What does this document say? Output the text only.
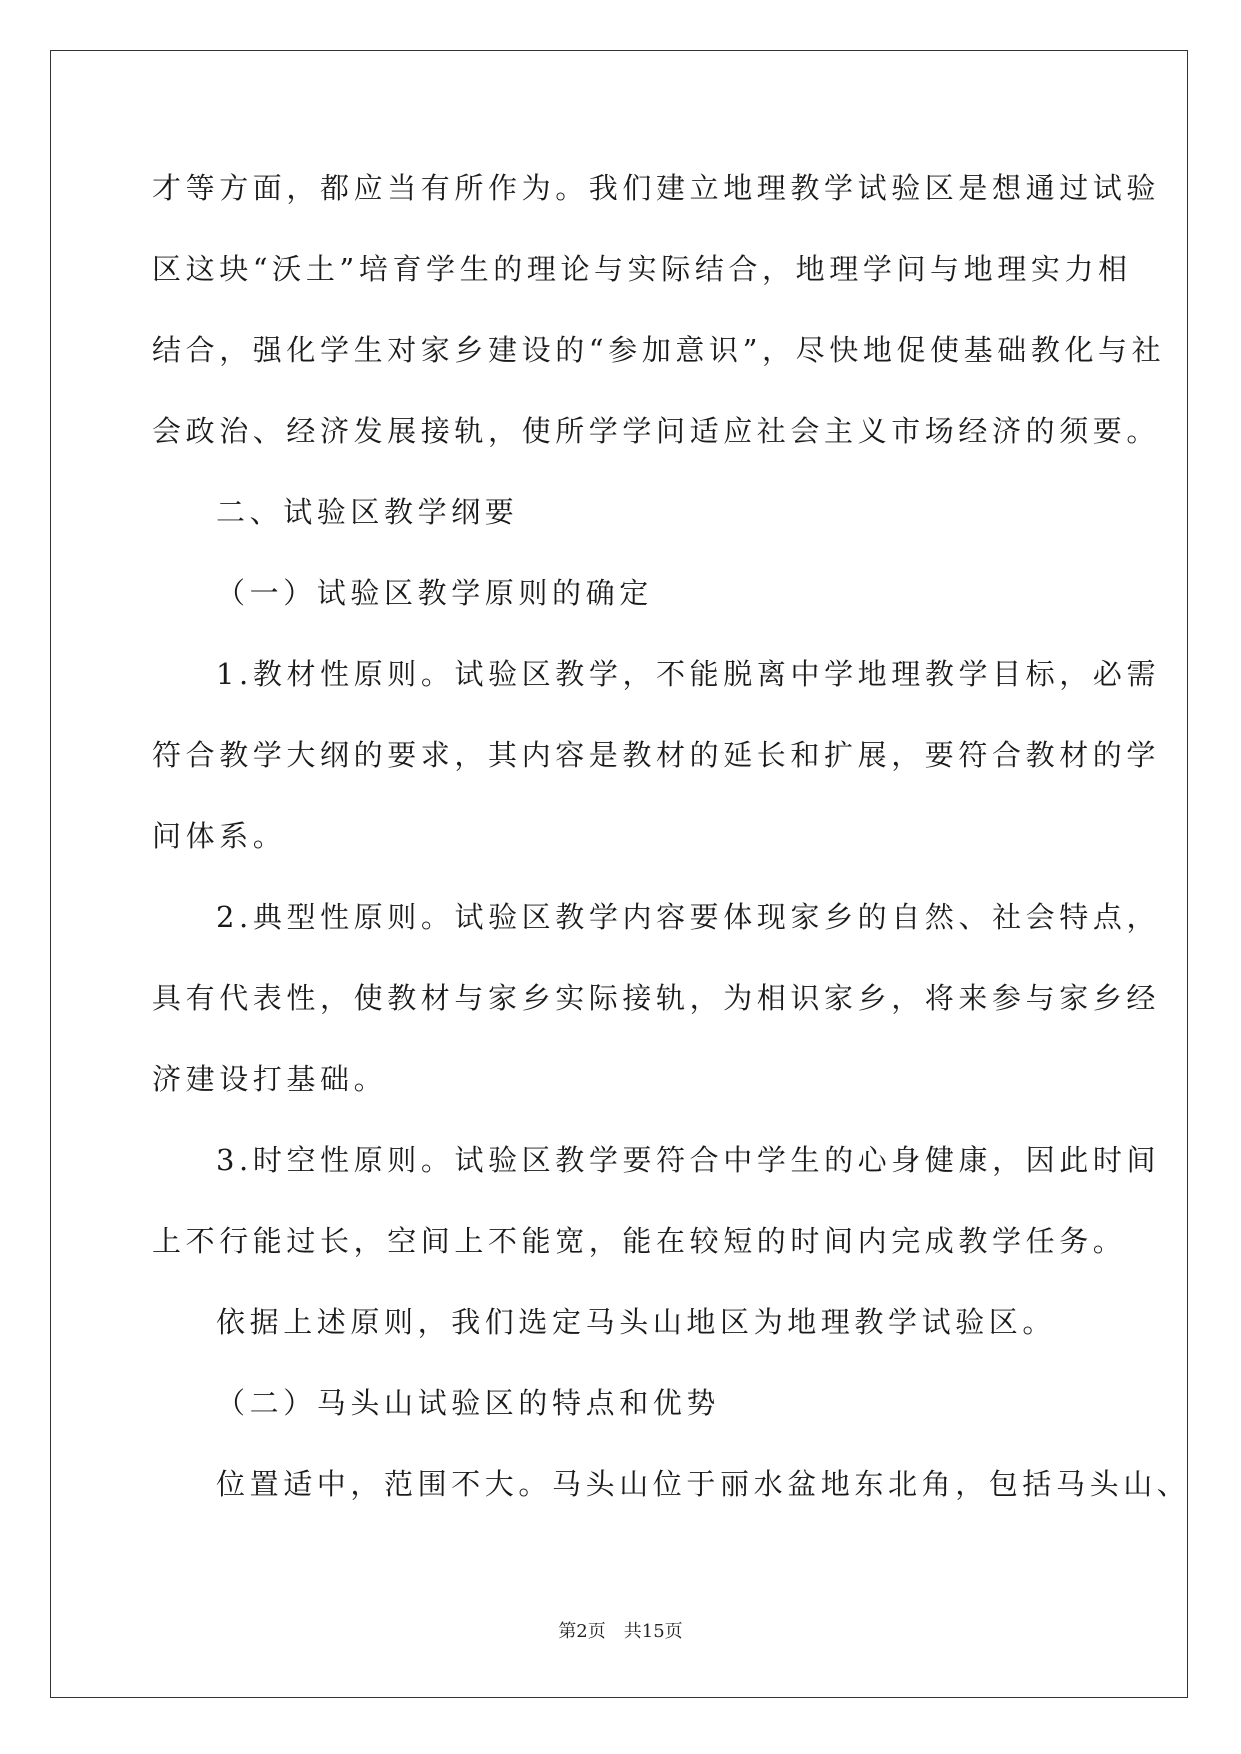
才等方面，都应当有所作为。我们建立地理教学试验区是想通过试验
区这块“沃土”培育学生的理论与实际结合，地理学问与地理实力相
结合，强化学生对家乡建设的“参加意识”，尽快地促使基础教化与社
会政治、经济发展接轨，使所学学问适应社会主义市场经济的须要。
二、试验区教学纲要
（一）试验区教学原则的确定
1.教材性原则。试验区教学，不能脱离中学地理教学目标，必需
符合教学大纲的要求，其内容是教材的延长和扩展，要符合教材的学
问体系。
2.典型性原则。试验区教学内容要体现家乡的自然、社会特点，
具有代表性，使教材与家乡实际接轨，为相识家乡，将来参与家乡经
济建设打基础。
3.时空性原则。试验区教学要符合中学生的心身健康，因此时间
上不行能过长，空间上不能宽，能在较短的时间内完成教学任务。
依据上述原则，我们选定马头山地区为地理教学试验区。
（二）马头山试验区的特点和优势
位置适中，范围不大。马头山位于丽水盆地东北角，包括马头山、
第2页　共15页
